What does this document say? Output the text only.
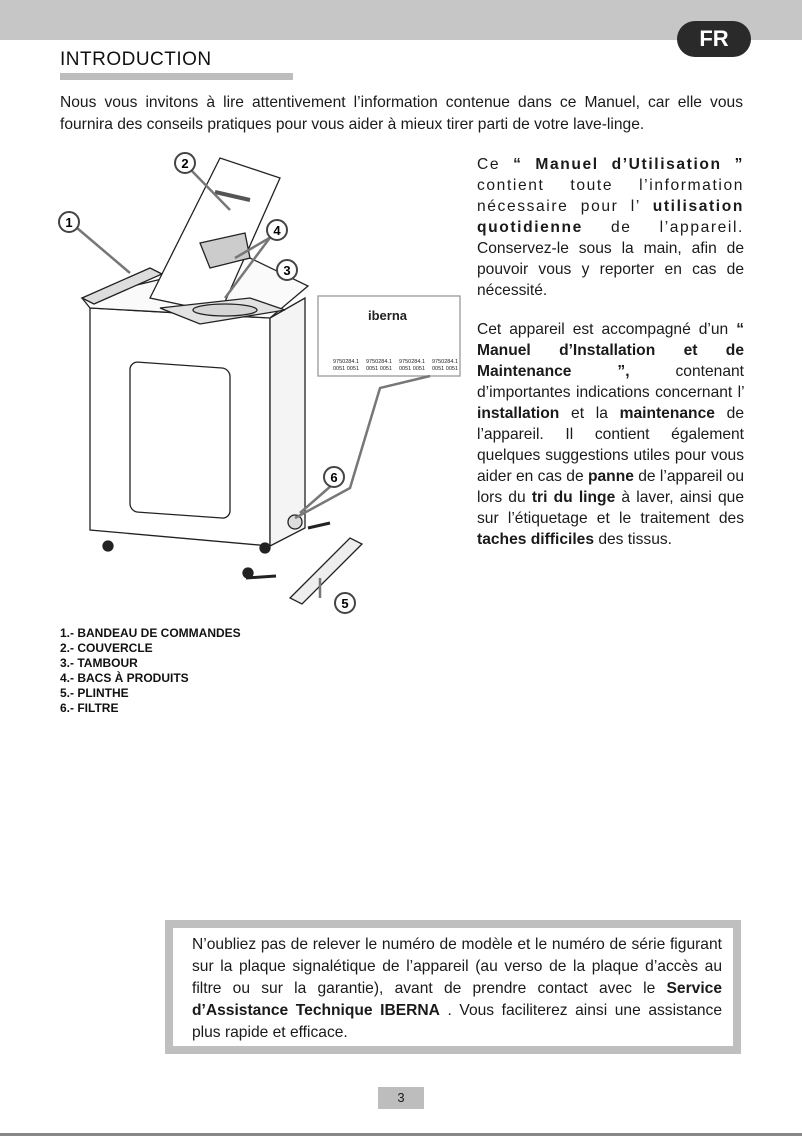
FR
INTRODUCTION
Nous vous invitons à lire attentivement l’information contenue dans ce Manuel, car elle vous fournira des conseils pratiques pour vous aider à mieux tirer parti de votre lave-linge.
1
2
3
4
5
6
iberna
9750284.1 9750284.1 9750284.1 9750284.1
0051 0051 0051 0051 0051 0051 0051 0051

Ce “ Manuel d’Utilisation ” contient toute l’information nécessaire pour l’ utilisation quotidienne de l’appareil. Conservez-le sous la main, afin de pouvoir vous y reporter en cas de nécessité.

Cet appareil est accompagné d’un “ Manuel d’Installation et de Maintenance ”, contenant d’importantes indications concernant l’ installation et la maintenance de l’appareil. Il contient également quelques suggestions utiles pour vous aider en cas de panne de l’appareil ou lors du tri du linge à laver, ainsi que sur l’étiquetage et le traitement des taches difficiles des tissus.

1.- BANDEAU DE COMMANDES
2.- COUVERCLE
3.- TAMBOUR
4.- BACS À PRODUITS
5.- PLINTHE
6.- FILTRE
N’oubliez pas de relever le numéro de modèle et le numéro de série figurant sur la plaque signalétique de l’appareil (au verso de la plaque d’accès au filtre ou sur la garantie), avant de prendre contact avec le Service d’Assistance Technique IBERNA . Vous faciliterez ainsi une assistance plus rapide et efficace.
3
